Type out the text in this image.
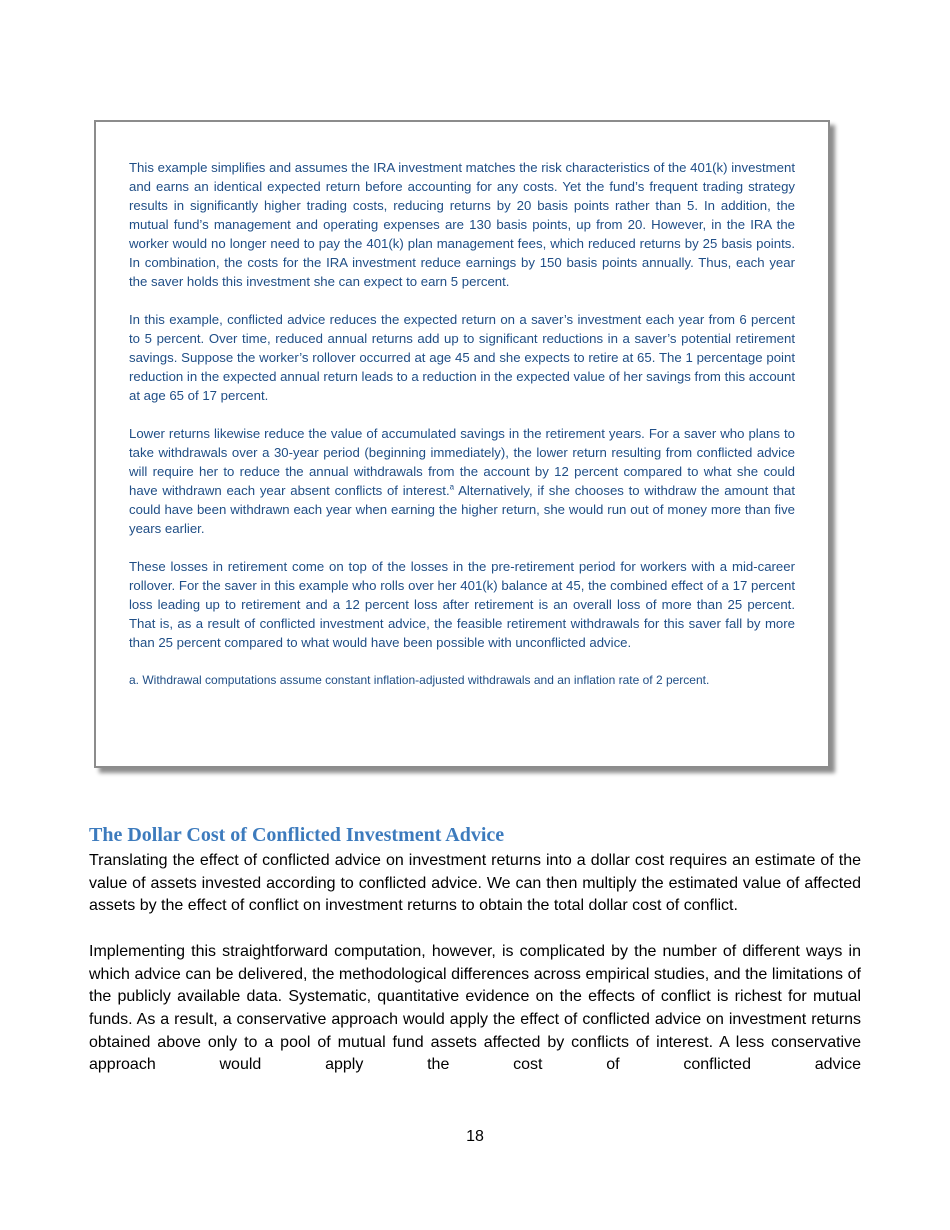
This example simplifies and assumes the IRA investment matches the risk characteristics of the 401(k) investment and earns an identical expected return before accounting for any costs. Yet the fund’s frequent trading strategy results in significantly higher trading costs, reducing returns by 20 basis points rather than 5. In addition, the mutual fund’s management and operating expenses are 130 basis points, up from 20. However, in the IRA the worker would no longer need to pay the 401(k) plan management fees, which reduced returns by 25 basis points. In combination, the costs for the IRA investment reduce earnings by 150 basis points annually. Thus, each year the saver holds this investment she can expect to earn 5 percent.

In this example, conflicted advice reduces the expected return on a saver’s investment each year from 6 percent to 5 percent. Over time, reduced annual returns add up to significant reductions in a saver’s potential retirement savings. Suppose the worker’s rollover occurred at age 45 and she expects to retire at 65. The 1 percentage point reduction in the expected annual return leads to a reduction in the expected value of her savings from this account at age 65 of 17 percent.

Lower returns likewise reduce the value of accumulated savings in the retirement years. For a saver who plans to take withdrawals over a 30-year period (beginning immediately), the lower return resulting from conflicted advice will require her to reduce the annual withdrawals from the account by 12 percent compared to what she could have withdrawn each year absent conflicts of interest.$^a$ Alternatively, if she chooses to withdraw the amount that could have been withdrawn each year when earning the higher return, she would run out of money more than five years earlier.

These losses in retirement come on top of the losses in the pre-retirement period for workers with a mid-career rollover. For the saver in this example who rolls over her 401(k) balance at 45, the combined effect of a 17 percent loss leading up to retirement and a 12 percent loss after retirement is an overall loss of more than 25 percent. That is, as a result of conflicted investment advice, the feasible retirement withdrawals for this saver fall by more than 25 percent compared to what would have been possible with unconflicted advice.

a. Withdrawal computations assume constant inflation-adjusted withdrawals and an inflation rate of 2 percent.

The Dollar Cost of Conflicted Investment Advice

Translating the effect of conflicted advice on investment returns into a dollar cost requires an estimate of the value of assets invested according to conflicted advice. We can then multiply the estimated value of affected assets by the effect of conflict on investment returns to obtain the total dollar cost of conflict.

Implementing this straightforward computation, however, is complicated by the number of different ways in which advice can be delivered, the methodological differences across empirical studies, and the limitations of the publicly available data. Systematic, quantitative evidence on the effects of conflict is richest for mutual funds. As a result, a conservative approach would apply the effect of conflicted advice on investment returns obtained above only to a pool of mutual fund assets affected by conflicts of interest. A less conservative approach would apply the cost of conflicted advice

18
